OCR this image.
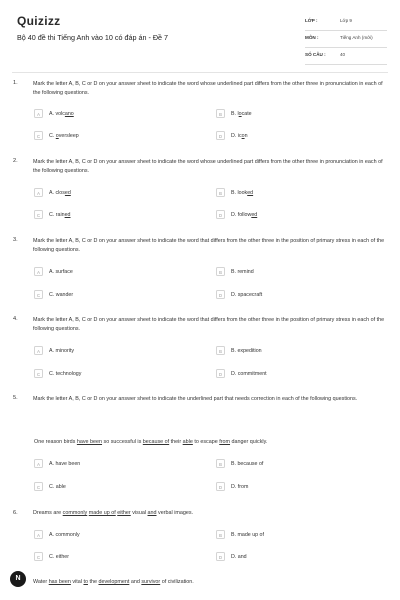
Quizizz
Bộ 40 đề thi Tiếng Anh vào 10 có đáp án - Đề 7
LỚP :	Lớp 9
MÔN :	Tiếng Anh (mới)
SỐ CÂU :	40
1.	Mark the letter A, B, C or D on your answer sheet to indicate the word whose underlined part differs from the other three in pronunciation in each of the following questions.
A	A. volcano	B	B. locate
C	C. oversleep	D	D. icon
2.	Mark the letter A, B, C or D on your answer sheet to indicate the word whose underlined part differs from the other three in pronunciation in each of the following questions.
A	A. closed	B	B. looked
C	C. rained	D	D. followed
3.	Mark the letter A, B, C or D on your answer sheet to indicate the word that differs from the other three in the position of primary stress in each of the following questions.
A	A. surface	B	B. remind
C	C. wander	D	D. spacecraft
4.	Mark the letter A, B, C or D on your answer sheet to indicate the word that differs from the other three in the position of primary stress in each of the following questions.
A	A. minority	B	B. expedition
C	C. technology	D	D. commitment
5.	Mark the letter A, B, C or D on your answer sheet to indicate the underlined part that needs correction in each of the following questions.
One reason birds have been so successful is because of their able to escape from danger quickly.
A	A. have been	B	B. because of
C	C. able	D	D. from
6.	Dreams are commonly made up of either visual and verbal images.
A	A. commonly	B	B. made up of
C	C. either	D	D. and
N	Water has been vital to the development and survivor of civilization.
